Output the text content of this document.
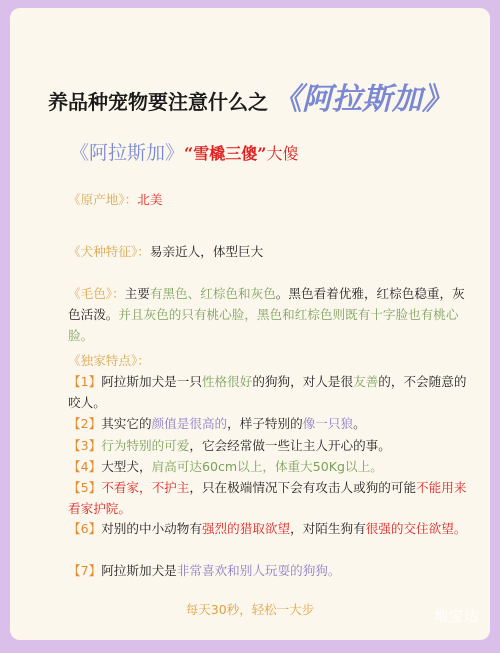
养品种宠物要注意什么之 《阿拉斯加》
《阿拉斯加》“雪橇三傻”大傻
《原产地》：北美
《犬种特征》：易亲近人，体型巨大
《毛色》：主要有黑色、红棕色和灰色。黑色看着优雅，红棕色稳重，灰色活泼。并且灰色的只有桃心脸，黑色和红棕色则既有十字脸也有桃心脸。
《独家特点》：
【1】阿拉斯加犬是一只性格很好的狗狗，对人是很友善的，不会随意的咬人。
【2】其实它的颜值是很高的，样子特别的像一只狼。
【3】行为特别的可爱，它会经常做一些让主人开心的事。
【4】大型犬，肩高可达60cm以上，体重大50Kg以上。
【5】不看家，不护主，只在极端情况下会有攻击人或狗的可能不能用来看家护院。
【6】对别的中小动物有强烈的猎取欲望，对陌生狗有很强的交住欲望。
【7】阿拉斯加犬是非常喜欢和别人玩耍的狗狗。
每天30秒，轻松一大步	地宝达
